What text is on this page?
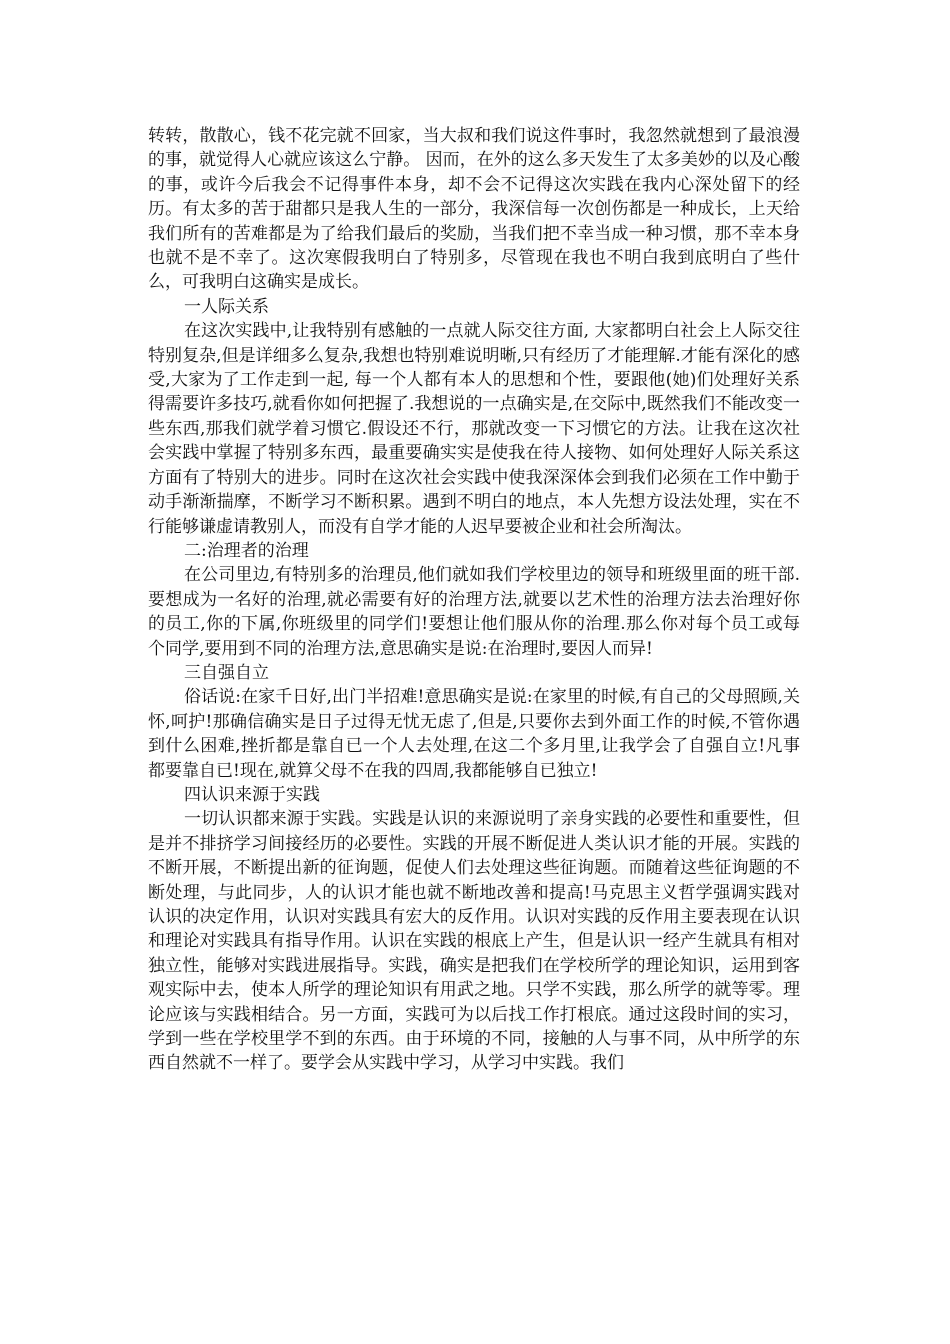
转转，散散心，钱不花完就不回家，当大叔和我们说这件事时，我忽然就想到了最浪漫的事，就觉得人心就应该这么宁静。 因而，在外的这么多天发生了太多美妙的以及心酸的事，或许今后我会不记得事件本身，却不会不记得这次实践在我内心深处留下的经历。有太多的苦于甜都只是我人生的一部分，我深信每一次创伤都是一种成长，上天给我们所有的苦难都是为了给我们最后的奖励，当我们把不幸当成一种习惯，那不幸本身也就不是不幸了。这次寒假我明白了特别多，尽管现在我也不明白我到底明白了些什么，可我明白这确实是成长。

一人际关系

在这次实践中,让我特别有感触的一点就人际交往方面, 大家都明白社会上人际交往特别复杂,但是详细多么复杂,我想也特别难说明晰,只有经历了才能理解.才能有深化的感受,大家为了工作走到一起, 每一个人都有本人的思想和个性，要跟他(她)们处理好关系得需要许多技巧,就看你如何把握了.我想说的一点确实是,在交际中,既然我们不能改变一些东西,那我们就学着习惯它.假设还不行，那就改变一下习惯它的方法。让我在这次社会实践中掌握了特别多东西，最重要确实实是使我在待人接物、如何处理好人际关系这方面有了特别大的进步。同时在这次社会实践中使我深深体会到我们必须在工作中勤于动手渐渐揣摩，不断学习不断积累。遇到不明白的地点，本人先想方设法处理，实在不行能够谦虚请教别人，而没有自学才能的人迟早要被企业和社会所淘汰。

二:治理者的治理

在公司里边,有特别多的治理员,他们就如我们学校里边的领导和班级里面的班干部.要想成为一名好的治理,就必需要有好的治理方法,就要以艺术性的治理方法去治理好你的员工,你的下属,你班级里的同学们!要想让他们服从你的治理.那么你对每个员工或每个同学,要用到不同的治理方法,意思确实是说:在治理时,要因人而异!

三自强自立

俗话说:在家千日好,出门半招难!意思确实是说:在家里的时候,有自己的父母照顾,关怀,呵护!那确信确实是日子过得无忧无虑了,但是,只要你去到外面工作的时候,不管你遇到什么困难,挫折都是靠自已一个人去处理,在这二个多月里,让我学会了自强自立!凡事都要靠自已!现在,就算父母不在我的四周,我都能够自已独立!

四认识来源于实践

一切认识都来源于实践。实践是认识的来源说明了亲身实践的必要性和重要性，但是并不排挤学习间接经历的必要性。实践的开展不断促进人类认识才能的开展。实践的不断开展，不断提出新的征询题，促使人们去处理这些征询题。而随着这些征询题的不断处理，与此同步，人的认识才能也就不断地改善和提高!马克思主义哲学强调实践对认识的决定作用，认识对实践具有宏大的反作用。认识对实践的反作用主要表现在认识和理论对实践具有指导作用。认识在实践的根底上产生，但是认识一经产生就具有相对独立性，能够对实践进展指导。实践，确实是把我们在学校所学的理论知识，运用到客观实际中去，使本人所学的理论知识有用武之地。只学不实践，那么所学的就等零。理论应该与实践相结合。另一方面，实践可为以后找工作打根底。通过这段时间的实习，学到一些在学校里学不到的东西。由于环境的不同，接触的人与事不同，从中所学的东西自然就不一样了。要学会从实践中学习，从学习中实践。我们
